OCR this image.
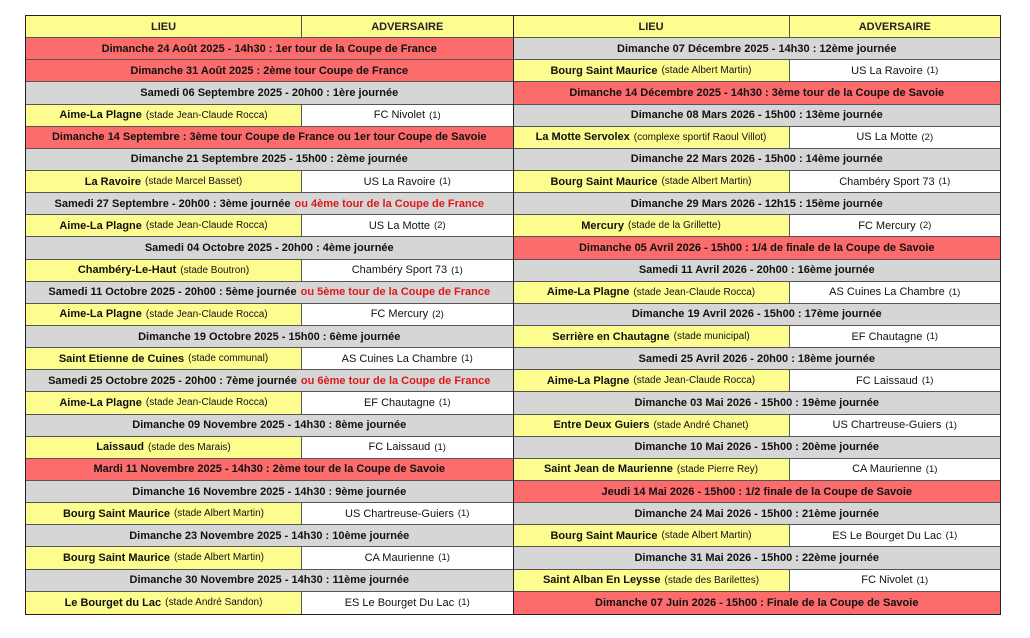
LIEU	ADVERSAIRE
Dimanche 24 Août 2025 - 14h30 : 1er tour de la Coupe de France
Dimanche 31 Août 2025 : 2ème tour Coupe de France
Samedi 06 Septembre 2025 - 20h00 : 1ère journée
Aime-La Plagne (stade Jean-Claude Rocca)	FC Nivolet (1)
Dimanche 14 Septembre : 3ème tour Coupe de France ou 1er tour Coupe de Savoie
Dimanche 21 Septembre 2025 - 15h00 : 2ème journée
La Ravoire (stade Marcel Basset)	US La Ravoire (1)
Samedi 27 Septembre - 20h00 : 3ème journée ou 4ème tour de la Coupe de France
Aime-La Plagne (stade Jean-Claude Rocca)	US La Motte (2)
Samedi 04 Octobre 2025 - 20h00 : 4ème journée
Chambéry-Le-Haut (stade Boutron)	Chambéry Sport 73 (1)
Samedi 11 Octobre 2025 - 20h00 : 5ème journée ou 5ème tour de la Coupe de France
Aime-La Plagne (stade Jean-Claude Rocca)	FC Mercury (2)
Dimanche 19 Octobre 2025 - 15h00 : 6ème journée
Saint Etienne de Cuines (stade communal)	AS Cuines La Chambre (1)
Samedi 25 Octobre 2025 - 20h00 : 7ème journée ou 6ème tour de la Coupe de France
Aime-La Plagne (stade Jean-Claude Rocca)	EF Chautagne (1)
Dimanche 09 Novembre 2025 - 14h30 : 8ème journée
Laissaud (stade des Marais)	FC Laissaud (1)
Mardi 11 Novembre 2025 - 14h30 : 2ème tour de la Coupe de Savoie
Dimanche 16 Novembre 2025 - 14h30 : 9ème journée
Bourg Saint Maurice (stade Albert Martin)	US Chartreuse-Guiers (1)
Dimanche 23 Novembre 2025 - 14h30 : 10ème journée
Bourg Saint Maurice (stade Albert Martin)	CA Maurienne (1)
Dimanche 30 Novembre 2025 - 14h30 : 11ème journée
Le Bourget du Lac (stade André Sandon)	ES Le Bourget Du Lac (1)
LIEU	ADVERSAIRE
Dimanche 07 Décembre 2025 - 14h30 : 12ème journée
Bourg Saint Maurice (stade Albert Martin)	US La Ravoire (1)
Dimanche 14 Décembre 2025 - 14h30 : 3ème tour de la Coupe de Savoie
Dimanche 08 Mars 2026 - 15h00 : 13ème journée
La Motte Servolex (complexe sportif Raoul Villot)	US La Motte (2)
Dimanche 22 Mars 2026 - 15h00 : 14ème journée
Bourg Saint Maurice (stade Albert Martin)	Chambéry Sport 73 (1)
Dimanche 29 Mars 2026 - 12h15 : 15ème journée
Mercury (stade de la Grillette)	FC Mercury (2)
Dimanche 05 Avril 2026 - 15h00 : 1/4 de finale de la Coupe de Savoie
Samedi 11 Avril 2026 - 20h00 : 16ème journée
Aime-La Plagne (stade Jean-Claude Rocca)	AS Cuines La Chambre (1)
Dimanche 19 Avril 2026 - 15h00 : 17ème journée
Serrière en Chautagne (stade municipal)	EF Chautagne (1)
Samedi 25 Avril 2026 - 20h00 : 18ème journée
Aime-La Plagne (stade Jean-Claude Rocca)	FC Laissaud (1)
Dimanche 03 Mai 2026 - 15h00 : 19ème journée
Entre Deux Guiers (stade André Chanet)	US Chartreuse-Guiers (1)
Dimanche 10 Mai 2026 - 15h00 : 20ème journée
Saint Jean de Maurienne (stade Pierre Rey)	CA Maurienne (1)
Jeudi 14 Mai 2026 - 15h00 : 1/2 finale de la Coupe de Savoie
Dimanche 24 Mai 2026 - 15h00 : 21ème journée
Bourg Saint Maurice (stade Albert Martin)	ES Le Bourget Du Lac (1)
Dimanche 31 Mai 2026 - 15h00 : 22ème journée
Saint Alban En Leysse (stade des Barilettes)	FC Nivolet (1)
Dimanche 07 Juin 2026 - 15h00 : Finale de la Coupe de Savoie
